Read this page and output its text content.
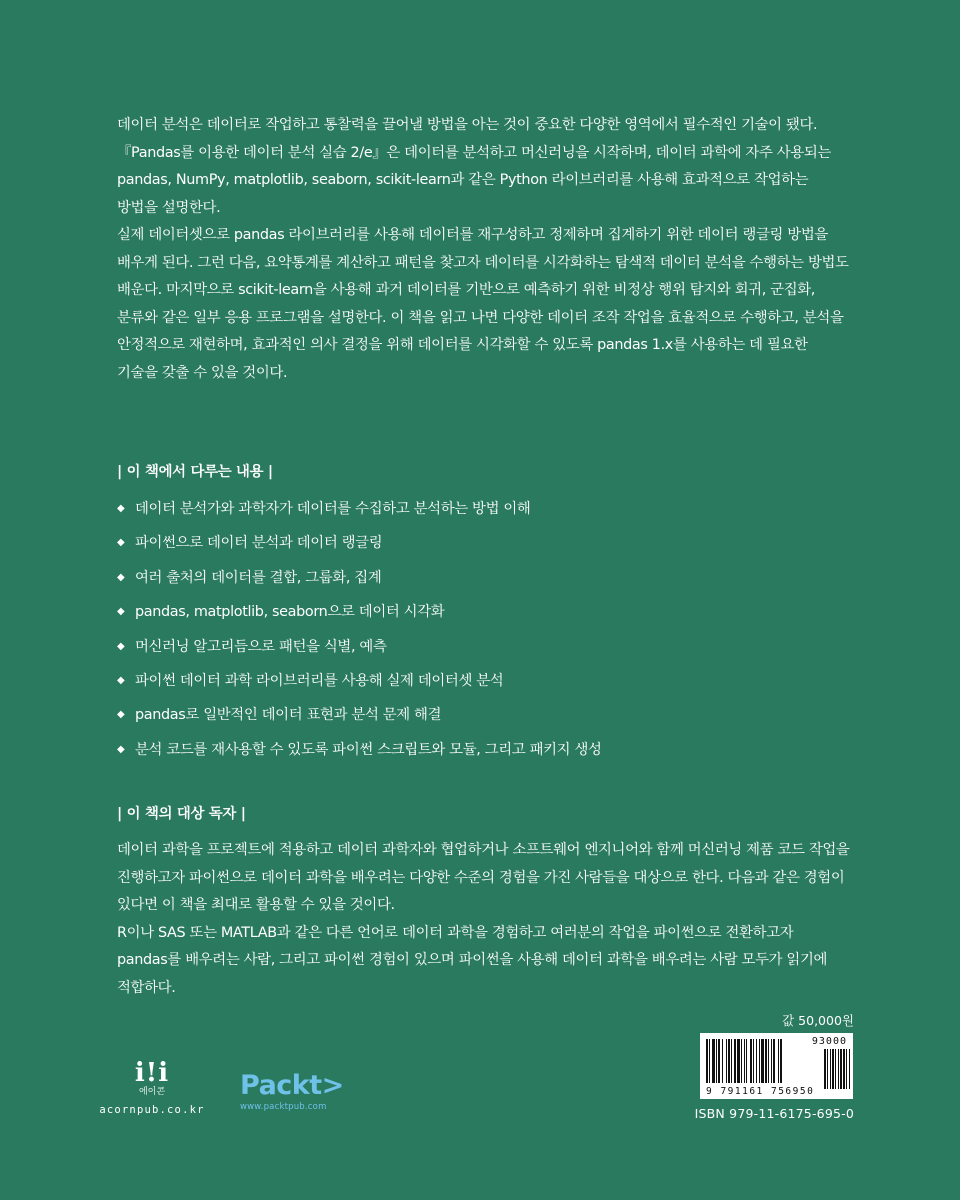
데이터 분석은 데이터로 작업하고 통찰력을 끌어낼 방법을 아는 것이 중요한 다양한 영역에서 필수적인 기술이 됐다. 『Pandas를 이용한 데이터 분석 실습 2/e』은 데이터를 분석하고 머신러닝을 시작하며, 데이터 과학에 자주 사용되는 pandas, NumPy, matplotlib, seaborn, scikit-learn과 같은 Python 라이브러리를 사용해 효과적으로 작업하는 방법을 설명한다.

실제 데이터셋으로 pandas 라이브러리를 사용해 데이터를 재구성하고 정제하며 집계하기 위한 데이터 랭글링 방법을 배우게 된다. 그런 다음, 요약통계를 계산하고 패턴을 찾고자 데이터를 시각화하는 탐색적 데이터 분석을 수행하는 방법도 배운다. 마지막으로 scikit-learn을 사용해 과거 데이터를 기반으로 예측하기 위한 비정상 행위 탐지와 회귀, 군집화, 분류와 같은 일부 응용 프로그램을 설명한다. 이 책을 읽고 나면 다양한 데이터 조작 작업을 효율적으로 수행하고, 분석을 안정적으로 재현하며, 효과적인 의사 결정을 위해 데이터를 시각화할 수 있도록 pandas 1.x를 사용하는 데 필요한 기술을 갖출 수 있을 것이다.

| 이 책에서 다루는 내용 |
◆ 데이터 분석가와 과학자가 데이터를 수집하고 분석하는 방법 이해
◆ 파이썬으로 데이터 분석과 데이터 랭글링
◆ 여러 출처의 데이터를 결합, 그룹화, 집계
◆ pandas, matplotlib, seaborn으로 데이터 시각화
◆ 머신러닝 알고리듬으로 패턴을 식별, 예측
◆ 파이썬 데이터 과학 라이브러리를 사용해 실제 데이터셋 분석
◆ pandas로 일반적인 데이터 표현과 분석 문제 해결
◆ 분석 코드를 재사용할 수 있도록 파이썬 스크립트와 모듈, 그리고 패키지 생성
| 이 책의 대상 독자 |

데이터 과학을 프로젝트에 적용하고 데이터 과학자와 협업하거나 소프트웨어 엔지니어와 함께 머신러닝 제품 코드 작업을 진행하고자 파이썬으로 데이터 과학을 배우려는 다양한 수준의 경험을 가진 사람들을 대상으로 한다. 다음과 같은 경험이 있다면 이 책을 최대로 활용할 수 있을 것이다.

R이나 SAS 또는 MATLAB과 같은 다른 언어로 데이터 과학을 경험하고 여러분의 작업을 파이썬으로 전환하고자 pandas를 배우려는 사람, 그리고 파이썬 경험이 있으며 파이썬을 사용해 데이터 과학을 배우려는 사람 모두가 읽기에 적합하다.

값 50,000원
93000
9 791161 756950
ISBN 979-11-6175-695-0
i!i
에이콘
acornpub.co.kr
Packt>
www.packtpub.com
